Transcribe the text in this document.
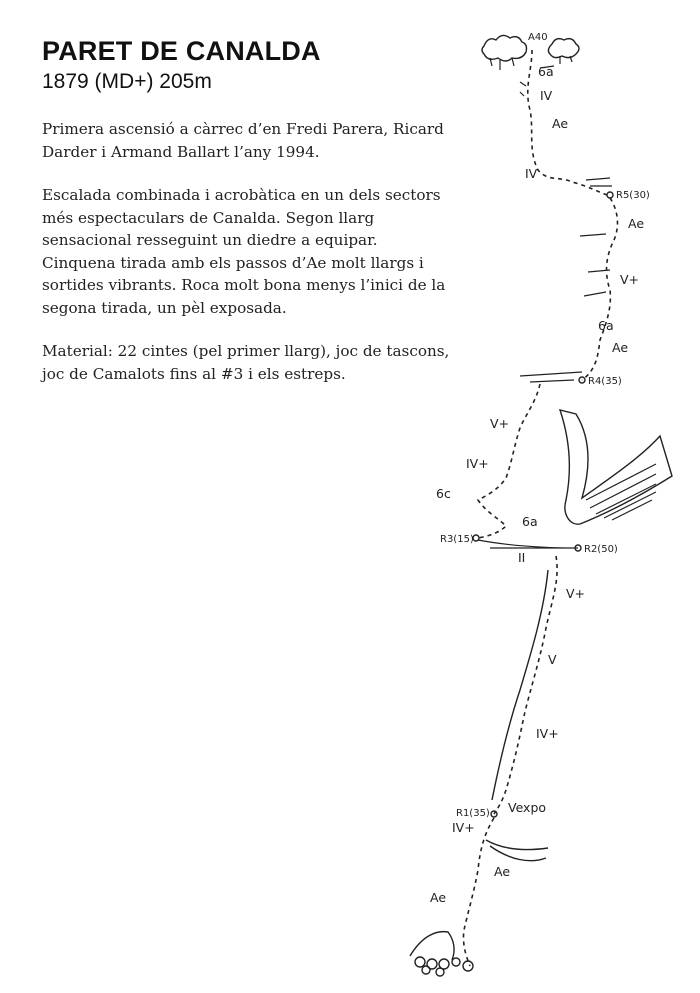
PARET DE CANALDA
1879 (MD+) 205m
Primera ascensió a càrrec d’en Fredi Parera, Ricard Darder i Armand Ballart l’any 1994.
Escalada combinada i acrobàtica en un dels sectors més espectaculars de Canalda. Segon llarg sensacional resseguint un diedre a equipar. Cinquena tirada amb els passos d’Ae molt llargs i sortides vibrants. Roca molt bona menys l’inici de la segona tirada, un pèl exposada.
Material: 22 cintes (pel primer llarg), joc de tascons, joc de Camalots fins al #3 i els estreps.
A40
6a
IV
Ae
IV
R5(30)
Ae
V+
6a
Ae
R4(35)
V+
IV+
6c
6a
R3(15)
II
R2(50)
V+
V
IV+
R1(35) Vexpo
IV+
Ae
Ae
